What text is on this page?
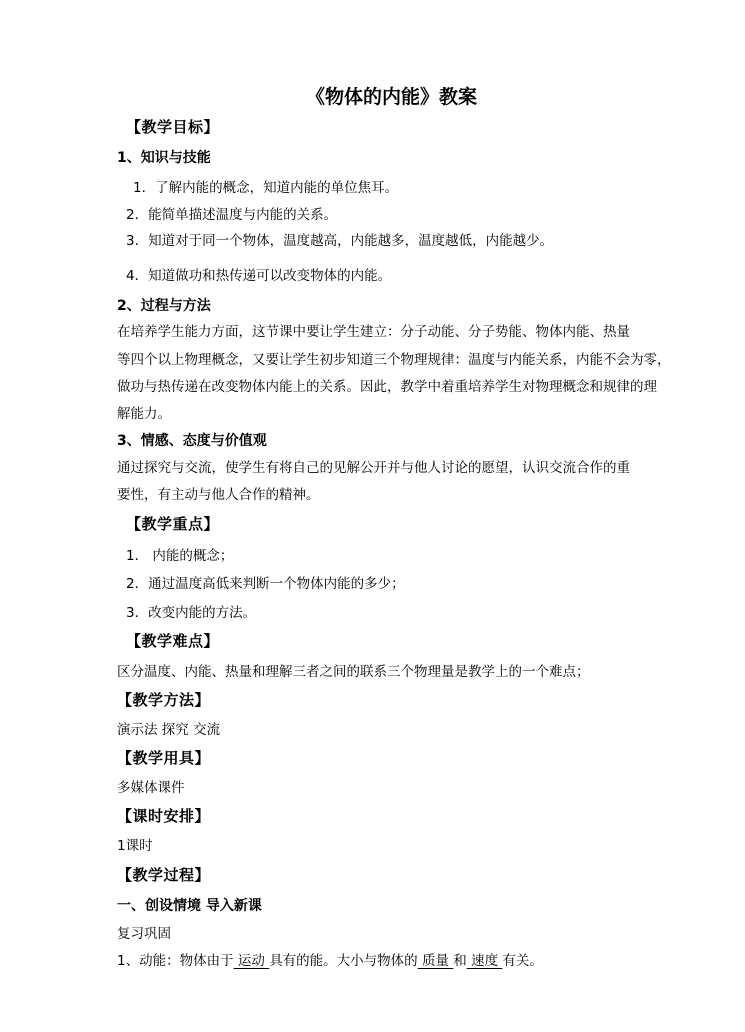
《物体的内能》教案
【教学目标】
1、知识与技能
1．了解内能的概念，知道内能的单位焦耳。
2．能简单描述温度与内能的关系。
3．知道对于同一个物体，温度越高，内能越多，温度越低，内能越少。
4．知道做功和热传递可以改变物体的内能。
2、过程与方法
在培养学生能力方面，这节课中要让学生建立：分子动能、分子势能、物体内能、热量
等四个以上物理概念，又要让学生初步知道三个物理规律：温度与内能关系，内能不会为零，
做功与热传递在改变物体内能上的关系。因此，教学中着重培养学生对物理概念和规律的理
解能力。
3、情感、态度与价值观
通过探究与交流，使学生有将自己的见解公开并与他人讨论的愿望，认识交流合作的重
要性，有主动与他人合作的精神。
【教学重点】
1． 内能的概念；
2．通过温度高低来判断一个物体内能的多少；
3．改变内能的方法。
【教学难点】
区分温度、内能、热量和理解三者之间的联系三个物理量是教学上的一个难点；
【教学方法】
演示法 探究 交流
【教学用具】
多媒体课件
【课时安排】
1课时
【教学过程】
一、创设情境 导入新课
复习巩固
1、动能：物体由于 运动 具有的能。大小与物体的 质量 和 速度 有关。
